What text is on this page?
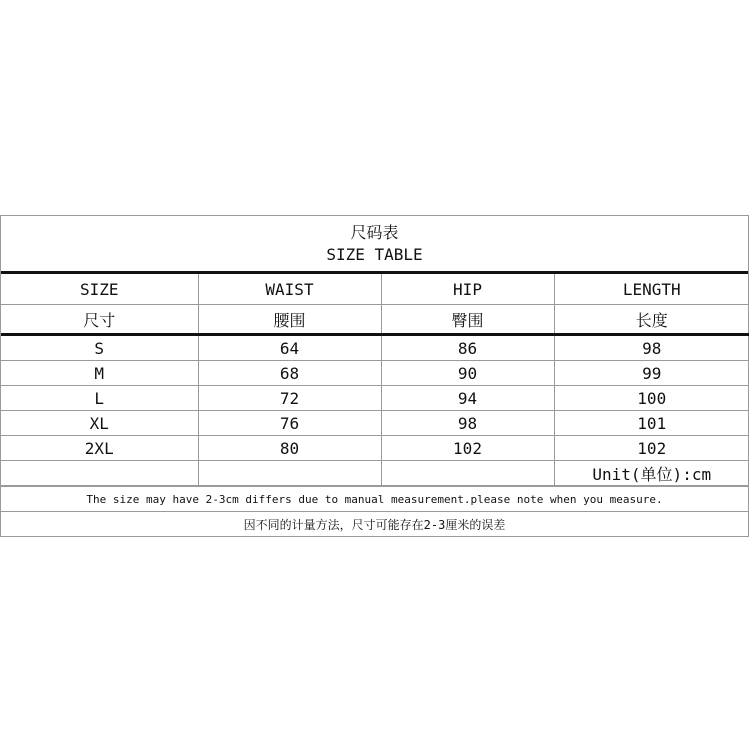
尺码表
SIZE TABLE
SIZE	WAIST	HIP	LENGTH
尺寸	腰围	臀围	长度
S	64	86	98
M	68	90	99
L	72	94	100
XL	76	98	101
2XL	80	102	102
			Unit(单位):cm
The size may have 2-3cm differs due to manual measurement.please note when you measure.
因不同的计量方法，尺寸可能存在2-3厘米的误差
